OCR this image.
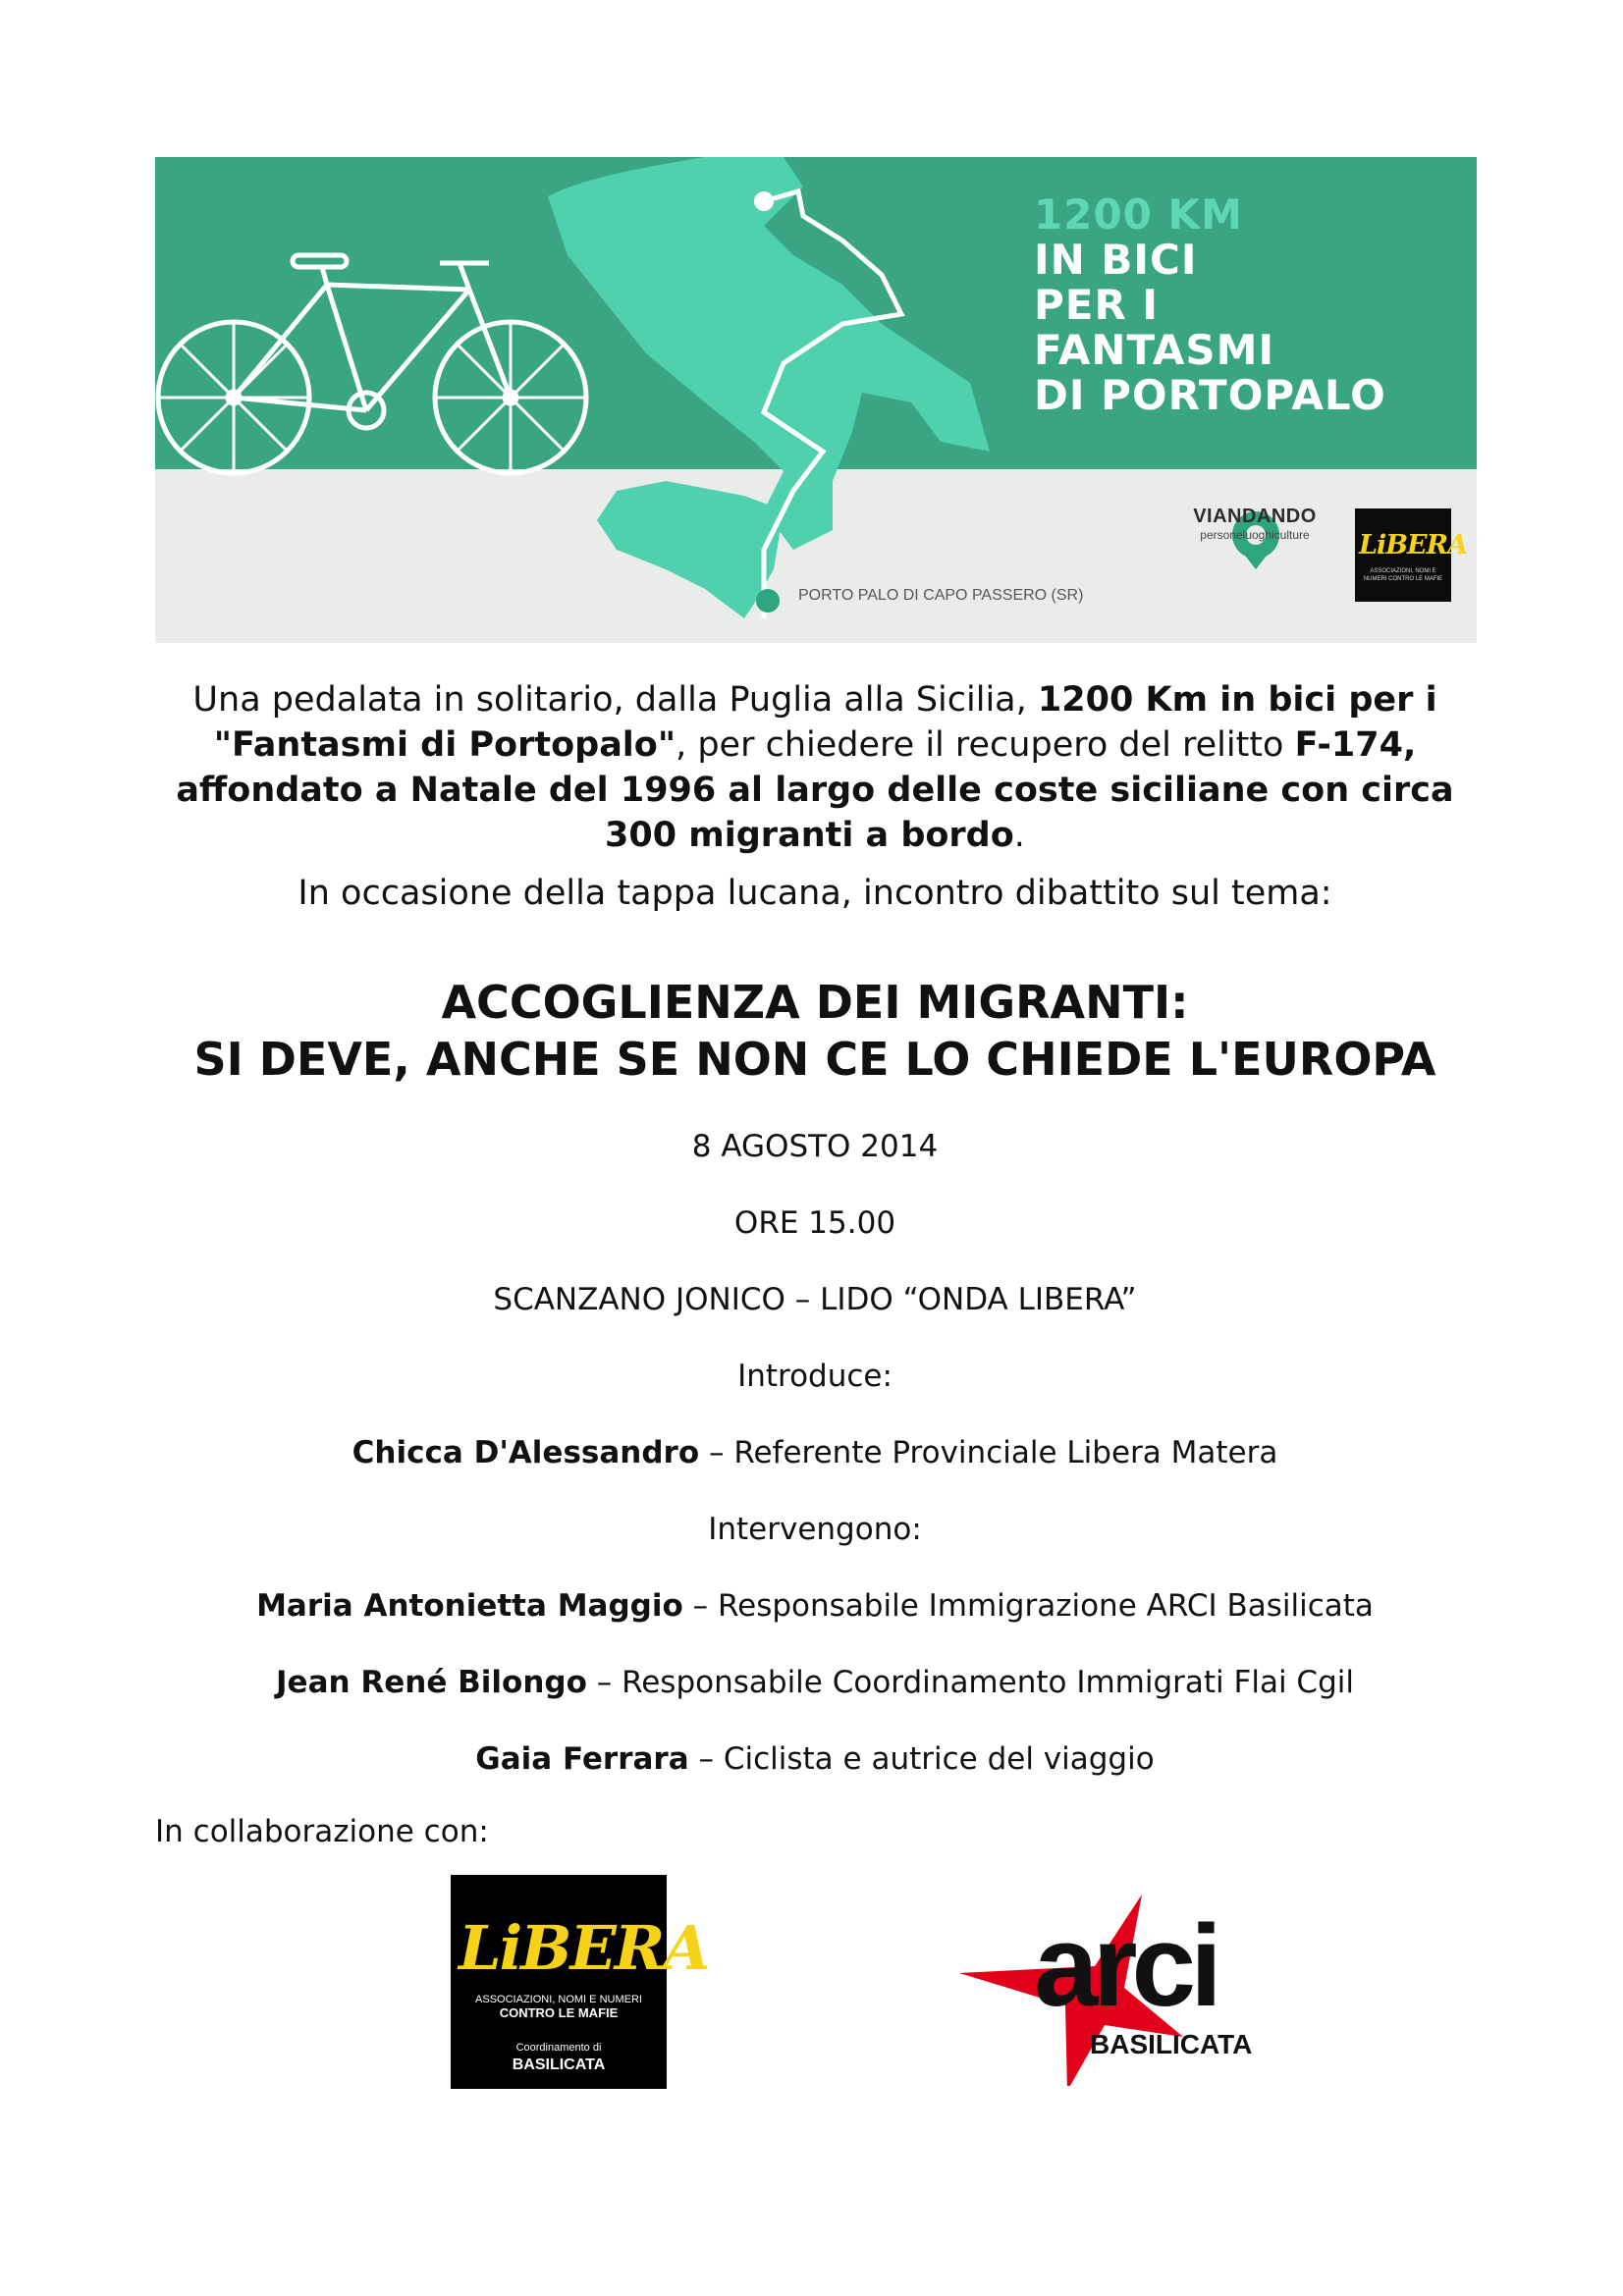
1200 KM
IN BICI
PER I
FANTASMI
DI PORTOPALO
PORTO PALO DI CAPO PASSERO (SR)
VIANDANDO
personeluoghiculture	LiBERA
ASSOCIAZIONI, NOMI E NUMERI CONTRO LE MAFIE
Una pedalata in solitario, dalla Puglia alla Sicilia, 1200 Km in bici per i "Fantasmi di Portopalo", per chiedere il recupero del relitto F-174, affondato a Natale del 1996 al largo delle coste siciliane con circa 300 migranti a bordo.
In occasione della tappa lucana, incontro dibattito sul tema:
ACCOGLIENZA DEI MIGRANTI:
SI DEVE, ANCHE SE NON CE LO CHIEDE L'EUROPA
8 AGOSTO 2014
ORE 15.00
SCANZANO JONICO – LIDO “ONDA LIBERA”
Introduce:
Chicca D'Alessandro – Referente Provinciale Libera Matera
Intervengono:
Maria Antonietta Maggio – Responsabile Immigrazione ARCI Basilicata
Jean René Bilongo – Responsabile Coordinamento Immigrati Flai Cgil
Gaia Ferrara – Ciclista e autrice del viaggio
In collaborazione con:
LiBERA
ASSOCIAZIONI, NOMI E NUMERI
CONTRO LE MAFIE
Coordinamento di
BASILICATA
arci
BASILICATA
